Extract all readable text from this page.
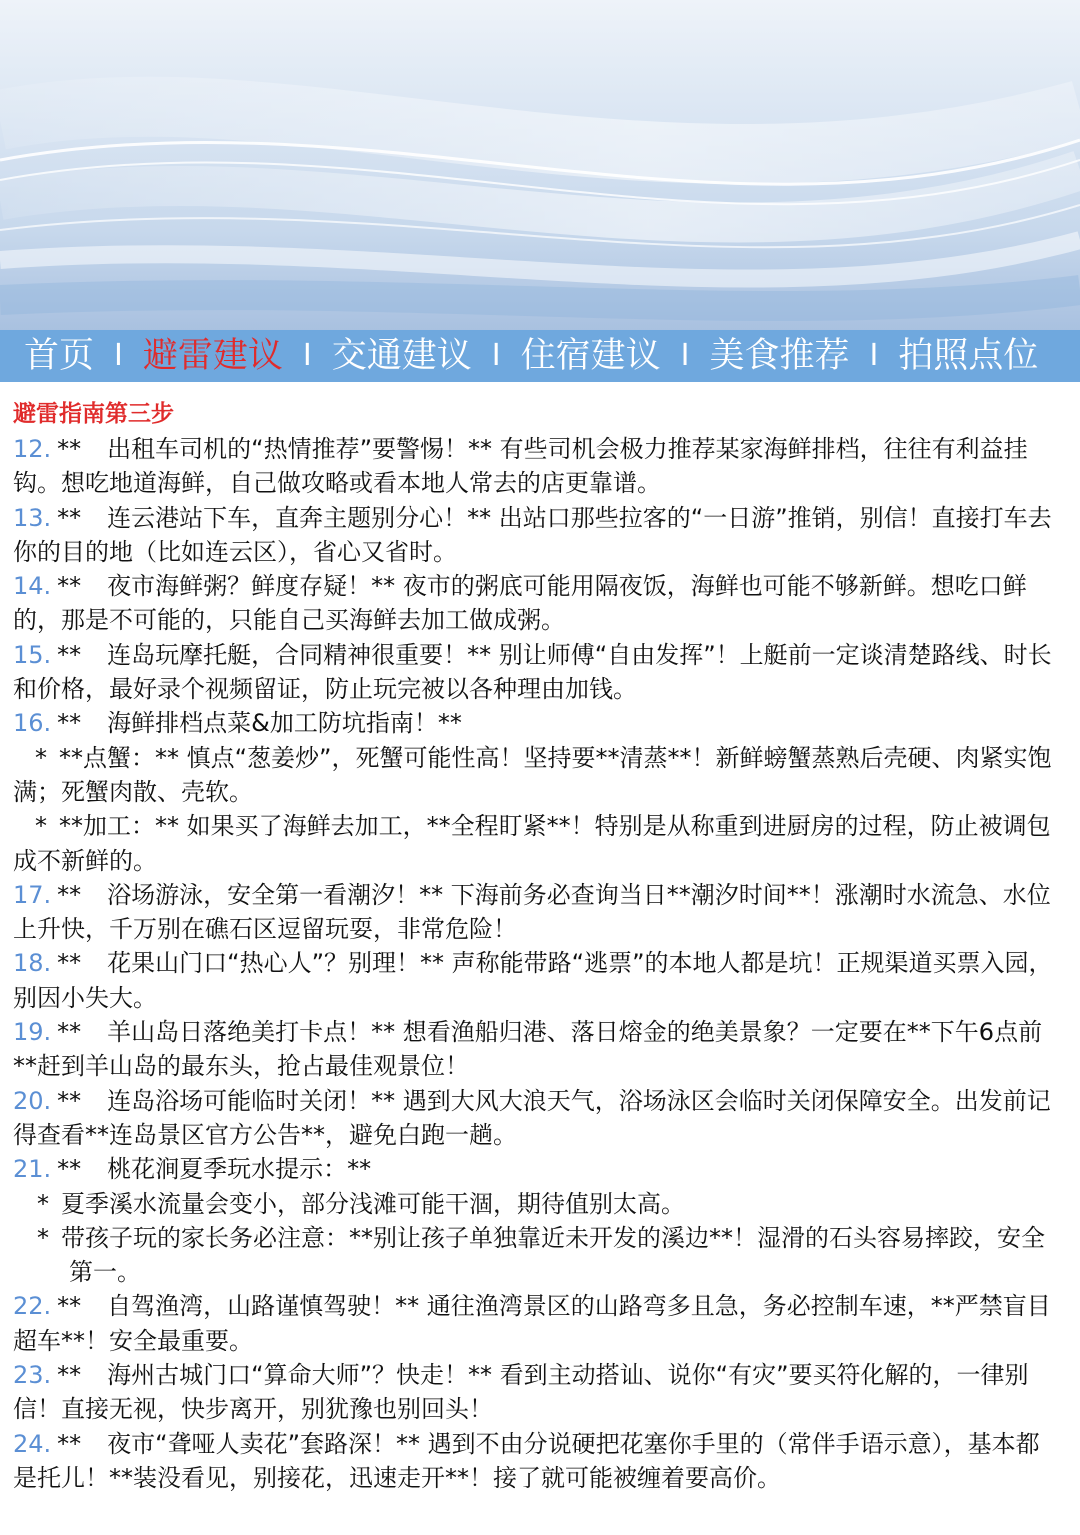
首页 I 避雷建议 I 交通建议 I 住宿建议 I 美食推荐 I 拍照点位
避雷指南第三步
12. ** 出租车司机的“热情推荐”要警惕！** 有些司机会极力推荐某家海鲜排档，往往有利益挂钩。想吃地道海鲜，自己做攻略或看本地人常去的店更靠谱。
13. ** 连云港站下车，直奔主题别分心！** 出站口那些拉客的“一日游”推销，别信！直接打车去你的目的地（比如连云区），省心又省时。
14. ** 夜市海鲜粥？鲜度存疑！** 夜市的粥底可能用隔夜饭，海鲜也可能不够新鲜。想吃口鲜的，那是不可能的，只能自己买海鲜去加工做成粥。
15. ** 连岛玩摩托艇，合同精神很重要！** 别让师傅“自由发挥”！上艇前一定谈清楚路线、时长和价格，最好录个视频留证，防止玩完被以各种理由加钱。
16. ** 海鲜排档点菜&加工防坑指南！**
* **点蟹：** 慎点“葱姜炒”，死蟹可能性高！坚持要**清蒸**！新鲜螃蟹蒸熟后壳硬、肉紧实饱满；死蟹肉散、壳软。
* **加工：** 如果买了海鲜去加工，**全程盯紧**！特别是从称重到进厨房的过程，防止被调包成不新鲜的。
17. ** 浴场游泳，安全第一看潮汐！** 下海前务必查询当日**潮汐时间**！涨潮时水流急、水位上升快，千万别在礁石区逗留玩耍，非常危险！
18. ** 花果山门口“热心人”？别理！** 声称能带路“逃票”的本地人都是坑！正规渠道买票入园，别因小失大。
19. ** 羊山岛日落绝美打卡点！** 想看渔船归港、落日熔金的绝美景象？一定要在**下午6点前**赶到羊山岛的最东头，抢占最佳观景位！
20. ** 连岛浴场可能临时关闭！** 遇到大风大浪天气，浴场泳区会临时关闭保障安全。出发前记得查看**连岛景区官方公告**，避免白跑一趟。
21. ** 桃花涧夏季玩水提示：**
* 夏季溪水流量会变小，部分浅滩可能干涸，期待值别太高。
* 带孩子玩的家长务必注意：**别让孩子单独靠近未开发的溪边**！湿滑的石头容易摔跤，安全第一。
22. ** 自驾渔湾，山路谨慎驾驶！** 通往渔湾景区的山路弯多且急，务必控制车速，**严禁盲目超车**！安全最重要。
23. ** 海州古城门口“算命大师”？快走！** 看到主动搭讪、说你“有灾”要买符化解的，一律别信！直接无视，快步离开，别犹豫也别回头！
24. ** 夜市“聋哑人卖花”套路深！** 遇到不由分说硬把花塞你手里的（常伴手语示意），基本都是托儿！**装没看见，别接花，迅速走开**！接了就可能被缠着要高价。
